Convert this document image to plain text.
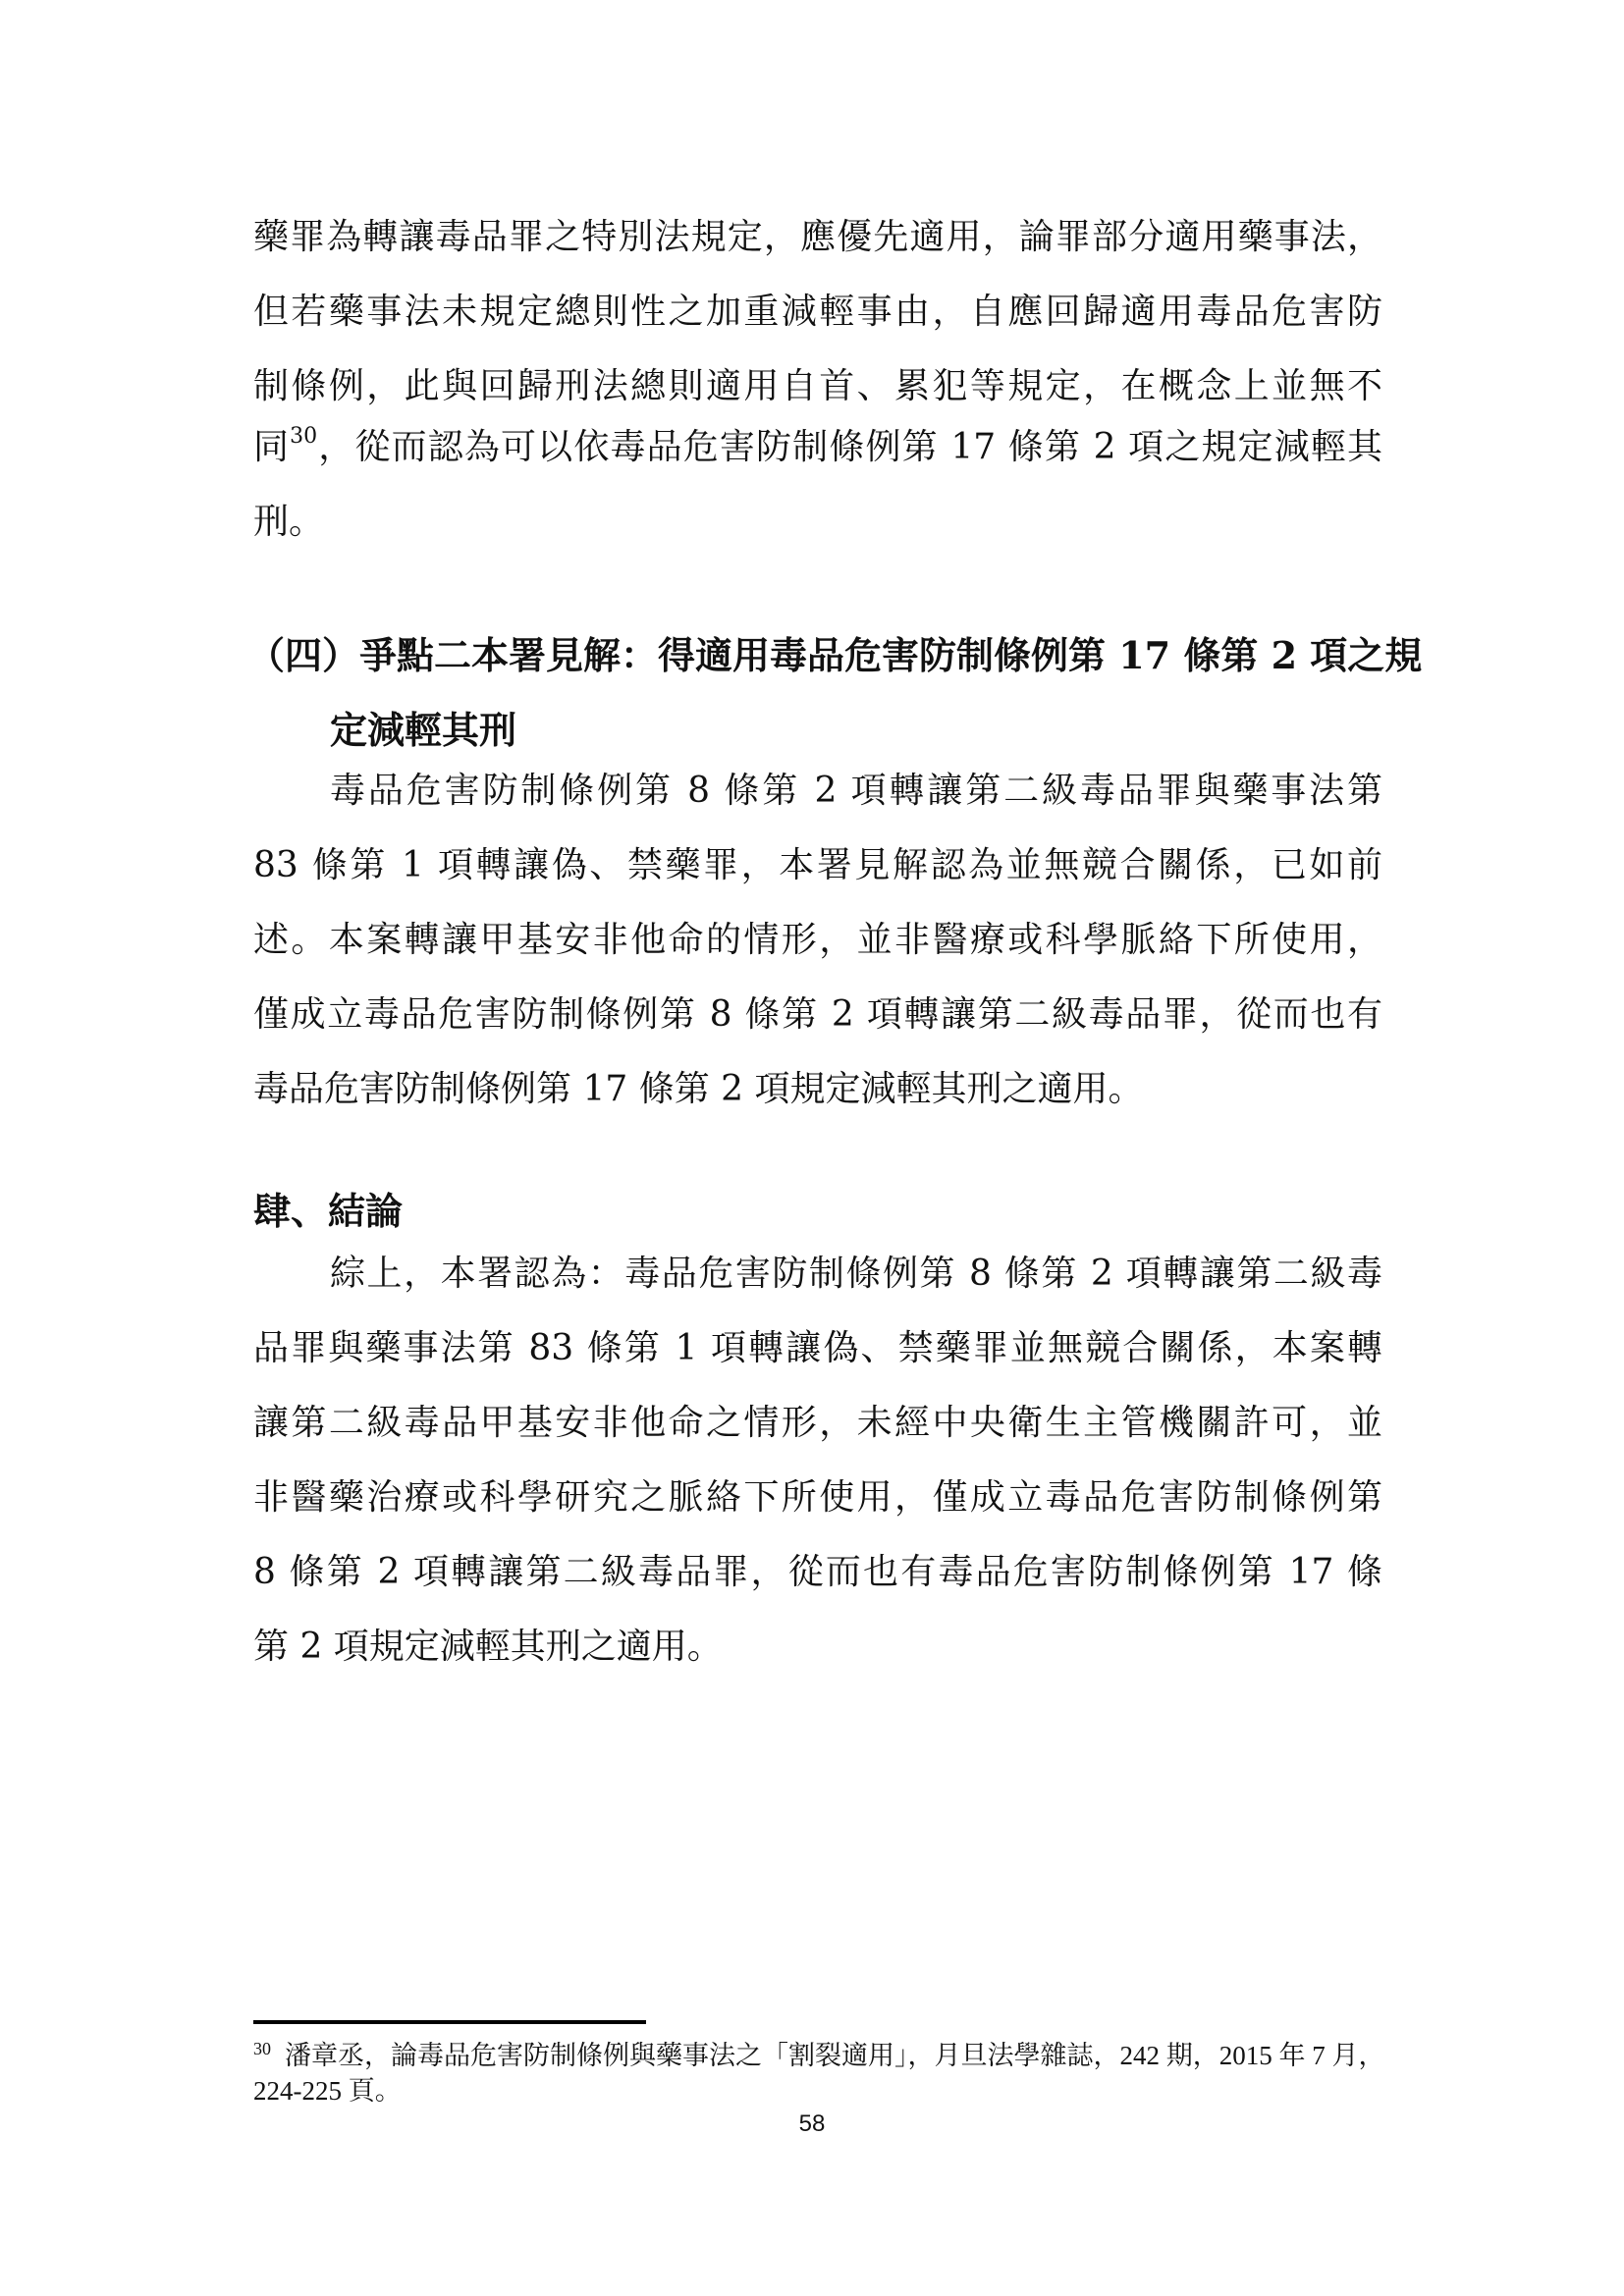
藥罪為轉讓毒品罪之特別法規定，應優先適用，論罪部分適用藥事法，
但若藥事法未規定總則性之加重減輕事由，自應回歸適用毒品危害防
制條例，此與回歸刑法總則適用自首、累犯等規定，在概念上並無不
同$^{30}$，從而認為可以依毒品危害防制條例第 17 條第 2 項之規定減輕其
刑。
（四）爭點二本署見解：得適用毒品危害防制條例第 17 條第 2 項之規
定減輕其刑
毒品危害防制條例第 8 條第 2 項轉讓第二級毒品罪與藥事法第
83 條第 1 項轉讓偽、禁藥罪，本署見解認為並無競合關係，已如前
述。本案轉讓甲基安非他命的情形，並非醫療或科學脈絡下所使用，
僅成立毒品危害防制條例第 8 條第 2 項轉讓第二級毒品罪，從而也有
毒品危害防制條例第 17 條第 2 項規定減輕其刑之適用。
肆、結論
綜上，本署認為：毒品危害防制條例第 8 條第 2 項轉讓第二級毒
品罪與藥事法第 83 條第 1 項轉讓偽、禁藥罪並無競合關係，本案轉
讓第二級毒品甲基安非他命之情形，未經中央衛生主管機關許可，並
非醫藥治療或科學研究之脈絡下所使用，僅成立毒品危害防制條例第
8 條第 2 項轉讓第二級毒品罪，從而也有毒品危害防制條例第 17 條
第 2 項規定減輕其刑之適用。
$^{30}$ 潘章丞，論毒品危害防制條例與藥事法之「割裂適用」，月旦法學雜誌，242 期，2015 年 7 月，
224-225 頁。
58
